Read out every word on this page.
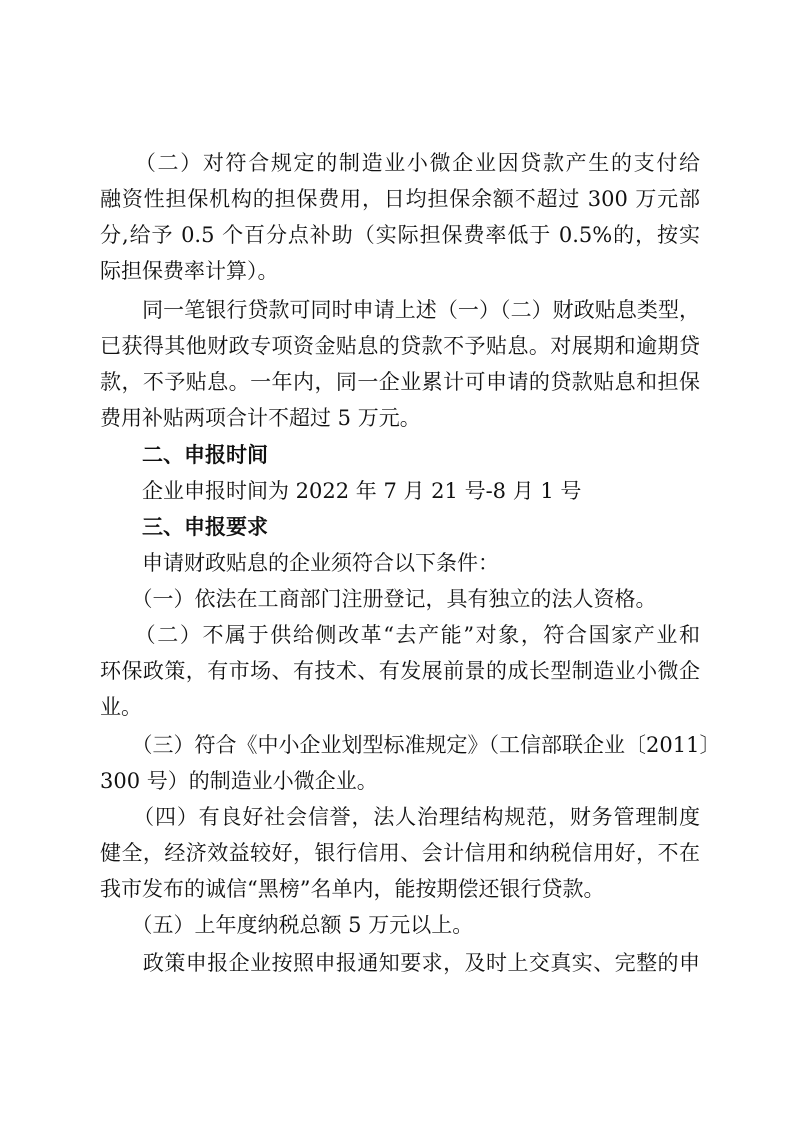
　　（二）对符合规定的制造业小微企业因贷款产生的支付给
融资性担保机构的担保费用，日均担保余额不超过 300 万元部
分,给予 0.5 个百分点补助（实际担保费率低于 0.5%的，按实
际担保费率计算）。
　　同一笔银行贷款可同时申请上述（一）（二）财政贴息类型，
已获得其他财政专项资金贴息的贷款不予贴息。对展期和逾期贷
款，不予贴息。一年内，同一企业累计可申请的贷款贴息和担保
费用补贴两项合计不超过 5 万元。
　　二、申报时间
　　企业申报时间为 2022 年 7 月 21 号-8 月 1 号
　　三、申报要求
　　申请财政贴息的企业须符合以下条件：
　　（一）依法在工商部门注册登记，具有独立的法人资格。
　　（二）不属于供给侧改革“去产能”对象，符合国家产业和
环保政策，有市场、有技术、有发展前景的成长型制造业小微企
业。
　　（三）符合《中小企业划型标准规定》（工信部联企业〔2011〕
300 号）的制造业小微企业。
　　（四）有良好社会信誉，法人治理结构规范，财务管理制度
健全，经济效益较好，银行信用、会计信用和纳税信用好，不在
我市发布的诚信“黑榜”名单内，能按期偿还银行贷款。
　　（五）上年度纳税总额 5 万元以上。
　　政策申报企业按照申报通知要求，及时上交真实、完整的申
